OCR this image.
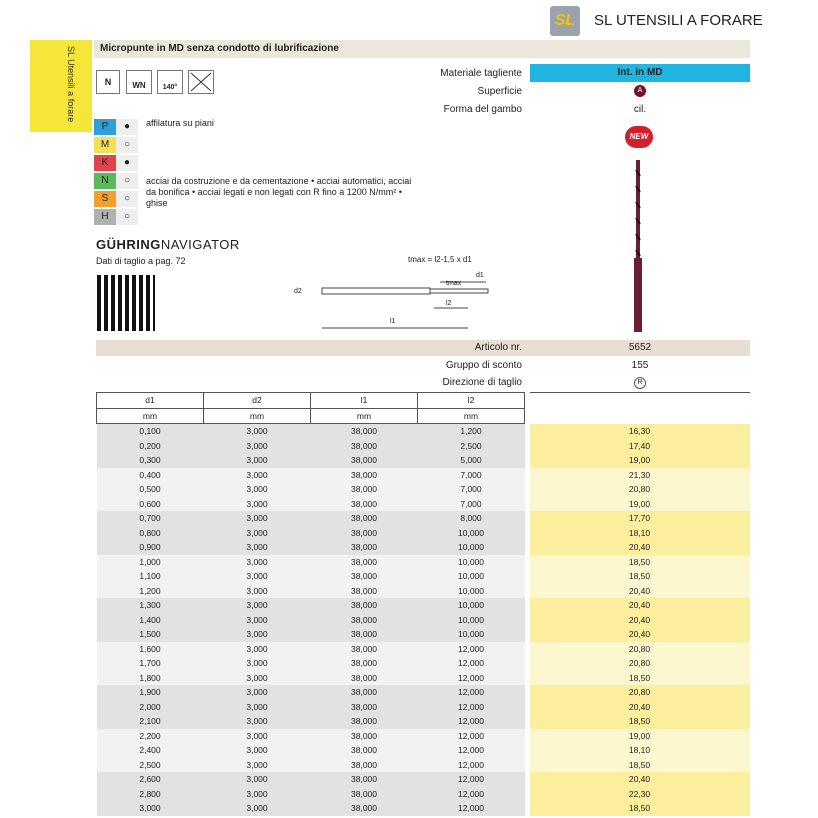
SL	SL UTENSILI A FORARE
SL Utensili a forare	Micropunte in MD senza condotto di lubrificazione
N	WN	140°
Materiale tagliente	Int. in MD
Superficie	A
Forma del gambo	cil.
P	●
M	○
K	●
N	○
S	○
H	○
affilatura su piani
acciai da costruzione e da cementazione • acciai automatici, acciai da bonifica • acciai legati e non legati con R fino a 1200 N/mm² • ghise
NEW
GÜHRINGNAVIGATOR
Dati di taglio a pag. 72	tmax = l2-1,5 x d1
tmax
d1
d2
l2
l1
Articolo nr.	5652
Gruppo di sconto	155
Direzione di taglio	R
d1	d2	l1	l2		
mm	mm	mm	mm		
0,100	3,000	38,000	1,200		16,30
0,200	3,000	38,000	2,500		17,40
0,300	3,000	38,000	5,000		19,00
0,400	3,000	38,000	7,000		21,30
0,500	3,000	38,000	7,000		20,80
0,600	3,000	38,000	7,000		19,00
0,700	3,000	38,000	8,000		17,70
0,800	3,000	38,000	10,000		18,10
0,900	3,000	38,000	10,000		20,40
1,000	3,000	38,000	10,000		18,50
1,100	3,000	38,000	10,000		18,50
1,200	3,000	38,000	10,000		20,40
1,300	3,000	38,000	10,000		20,40
1,400	3,000	38,000	10,000		20,40
1,500	3,000	38,000	10,000		20,40
1,600	3,000	38,000	12,000		20,80
1,700	3,000	38,000	12,000		20,80
1,800	3,000	38,000	12,000		18,50
1,900	3,000	38,000	12,000		20,80
2,000	3,000	38,000	12,000		20,40
2,100	3,000	38,000	12,000		18,50
2,200	3,000	38,000	12,000		19,00
2,400	3,000	38,000	12,000		18,10
2,500	3,000	38,000	12,000		18,50
2,600	3,000	38,000	12,000		20,40
2,800	3,000	38,000	12,000		22,30
3,000	3,000	38,000	12,000		18,50
